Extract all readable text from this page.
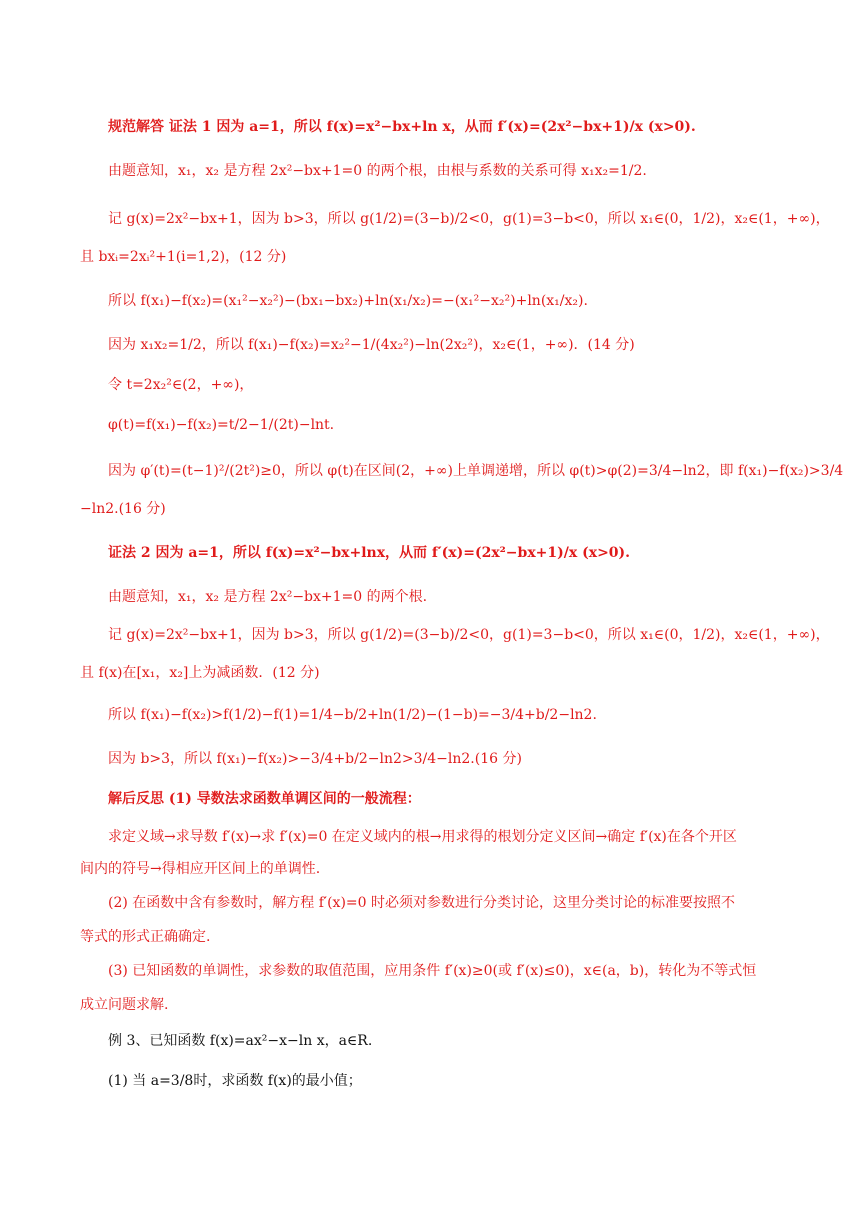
规范解答 证法 1 因为 a=1，所以 f(x)=x²−bx+ln x，从而 f′(x)=(2x²−bx+1)/x (x>0).
由题意知，x₁，x₂ 是方程 2x²−bx+1=0 的两个根，由根与系数的关系可得 x₁x₂=1/2.
记 g(x)=2x²−bx+1，因为 b>3，所以 g(1/2)=(3−b)/2<0，g(1)=3−b<0，所以 x₁∈(0，1/2)，x₂∈(1，+∞)，
且 bxᵢ=2xᵢ²+1(i=1,2)，(12 分)
所以 f(x₁)−f(x₂)=(x₁²−x₂²)−(bx₁−bx₂)+ln(x₁/x₂)=−(x₁²−x₂²)+ln(x₁/x₂).
因为 x₁x₂=1/2，所以 f(x₁)−f(x₂)=x₂²−1/(4x₂²)−ln(2x₂²)，x₂∈(1，+∞)．(14 分)
令 t=2x₂²∈(2，+∞)，
φ(t)=f(x₁)−f(x₂)=t/2−1/(2t)−lnt.
因为 φ′(t)=(t−1)²/(2t²)≥0，所以 φ(t)在区间(2，+∞)上单调递增，所以 φ(t)>φ(2)=3/4−ln2，即 f(x₁)−f(x₂)>3/4
−ln2.(16 分)
证法 2 因为 a=1，所以 f(x)=x²−bx+lnx，从而 f′(x)=(2x²−bx+1)/x (x>0).
由题意知，x₁，x₂ 是方程 2x²−bx+1=0 的两个根.
记 g(x)=2x²−bx+1，因为 b>3，所以 g(1/2)=(3−b)/2<0，g(1)=3−b<0，所以 x₁∈(0，1/2)，x₂∈(1，+∞)，
且 f(x)在[x₁，x₂]上为减函数．(12 分)
所以 f(x₁)−f(x₂)>f(1/2)−f(1)=1/4−b/2+ln(1/2)−(1−b)=−3/4+b/2−ln2.
因为 b>3，所以 f(x₁)−f(x₂)>−3/4+b/2−ln2>3/4−ln2.(16 分)
解后反思 (1) 导数法求函数单调区间的一般流程：
求定义域→求导数 f′(x)→求 f′(x)=0 在定义域内的根→用求得的根划分定义区间→确定 f′(x)在各个开区
间内的符号→得相应开区间上的单调性.
(2) 在函数中含有参数时，解方程 f′(x)=0 时必须对参数进行分类讨论，这里分类讨论的标准要按照不
等式的形式正确确定.
(3) 已知函数的单调性，求参数的取值范围，应用条件 f′(x)≥0(或 f′(x)≤0)，x∈(a，b)，转化为不等式恒
成立问题求解.
例 3、已知函数 f(x)=ax²−x−ln x，a∈R.
(1) 当 a=3/8时，求函数 f(x)的最小值；
